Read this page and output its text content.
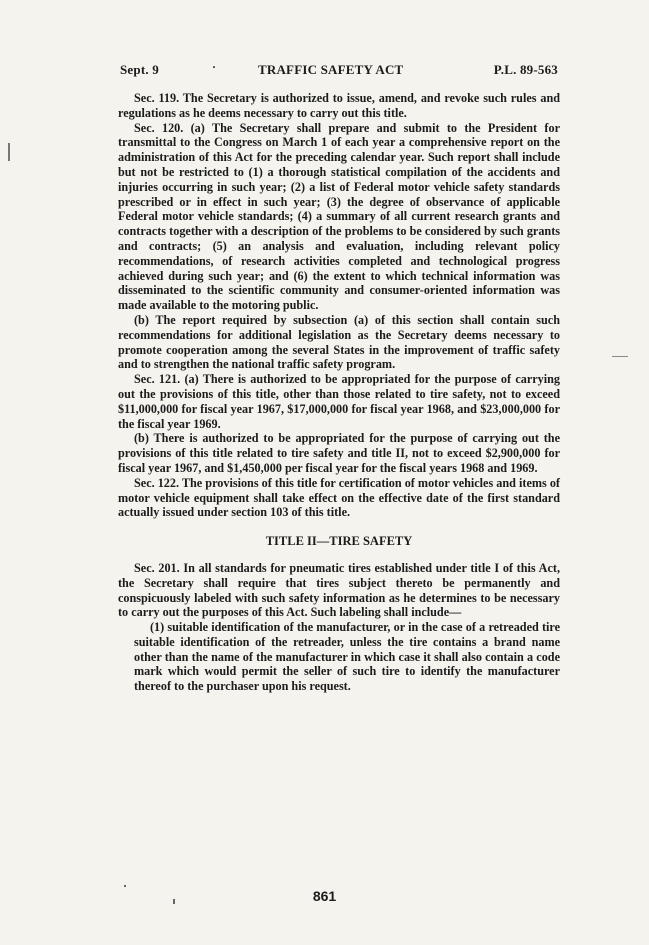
Sept. 9	·	TRAFFIC SAFETY ACT	P.L. 89-563

Sec. 119. The Secretary is authorized to issue, amend, and revoke such rules and regulations as he deems necessary to carry out this title.

Sec. 120. (a) The Secretary shall prepare and submit to the President for transmittal to the Congress on March 1 of each year a comprehensive report on the administration of this Act for the preceding calendar year. Such report shall include but not be restricted to (1) a thorough statistical compilation of the accidents and injuries occurring in such year; (2) a list of Federal motor vehicle safety standards prescribed or in effect in such year; (3) the degree of observance of applicable Federal motor vehicle standards; (4) a summary of all current research grants and contracts together with a description of the problems to be considered by such grants and contracts; (5) an analysis and evaluation, including relevant policy recommendations, of research activities completed and technological progress achieved during such year; and (6) the extent to which technical information was disseminated to the scientific community and consumer-oriented information was made available to the motoring public.

(b) The report required by subsection (a) of this section shall contain such recommendations for additional legislation as the Secretary deems necessary to promote cooperation among the several States in the improvement of traffic safety and to strengthen the national traffic safety program.

Sec. 121. (a) There is authorized to be appropriated for the purpose of carrying out the provisions of this title, other than those related to tire safety, not to exceed $11,000,000 for fiscal year 1967, $17,000,000 for fiscal year 1968, and $23,000,000 for the fiscal year 1969.

(b) There is authorized to be appropriated for the purpose of carrying out the provisions of this title related to tire safety and title II, not to exceed $2,900,000 for fiscal year 1967, and $1,450,000 per fiscal year for the fiscal years 1968 and 1969.

Sec. 122. The provisions of this title for certification of motor vehicles and items of motor vehicle equipment shall take effect on the effective date of the first standard actually issued under section 103 of this title.

TITLE II—TIRE SAFETY

Sec. 201. In all standards for pneumatic tires established under title I of this Act, the Secretary shall require that tires subject thereto be permanently and conspicuously labeled with such safety information as he determines to be necessary to carry out the purposes of this Act. Such labeling shall include—

(1) suitable identification of the manufacturer, or in the case of a retreaded tire suitable identification of the retreader, unless the tire contains a brand name other than the name of the manufacturer in which case it shall also contain a code mark which would permit the seller of such tire to identify the manufacturer thereof to the purchaser upon his request.

861
